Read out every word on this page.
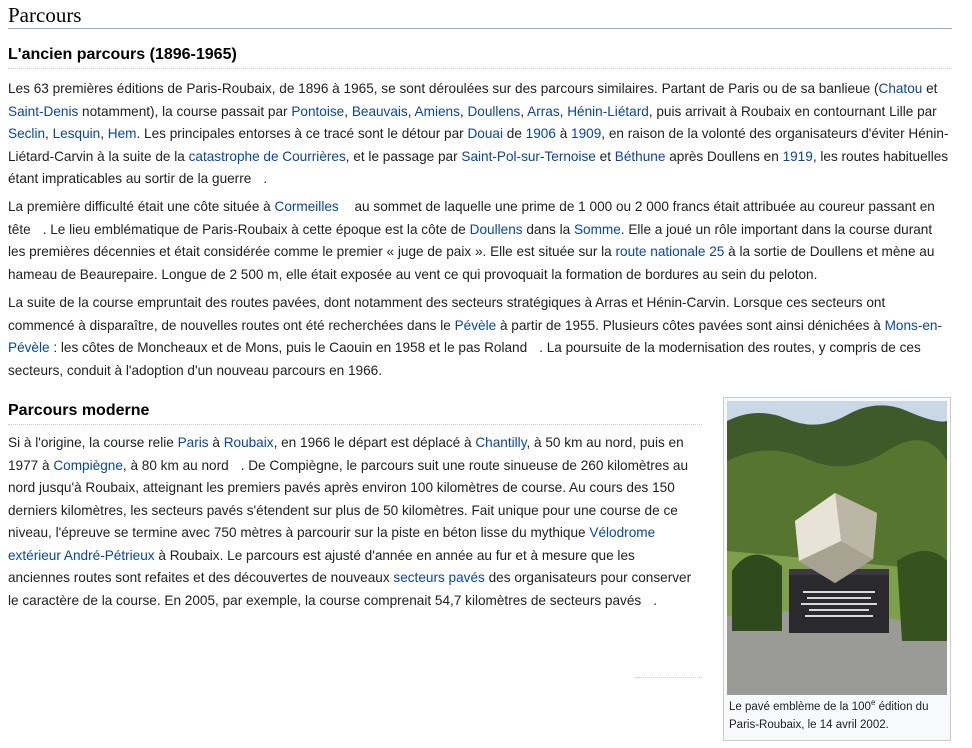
Parcours
L'ancien parcours (1896-1965)

Les 63 premières éditions de Paris-Roubaix, de 1896 à 1965, se sont déroulées sur des parcours similaires. Partant de Paris ou de sa banlieue (Chatou et Saint-Denis notamment), la course passait par Pontoise, Beauvais, Amiens, Doullens, Arras, Hénin-Liétard, puis arrivait à Roubaix en contournant Lille par Seclin, Lesquin, Hem. Les principales entorses à ce tracé sont le détour par Douai de 1906 à 1909, en raison de la volonté des organisateurs d'éviter Hénin-Liétard-Carvin à la suite de la catastrophe de Courrières, et le passage par Saint-Pol-sur-Ternoise et Béthune après Doullens en 1919, les routes habituelles étant impraticables au sortir de la guerre .

La première difficulté était une côte située à Cormeilles au sommet de laquelle une prime de 1 000 ou 2 000 francs était attribuée au coureur passant en tête . Le lieu emblématique de Paris-Roubaix à cette époque est la côte de Doullens dans la Somme. Elle a joué un rôle important dans la course durant les premières décennies et était considérée comme le premier « juge de paix ». Elle est située sur la route nationale 25 à la sortie de Doullens et mène au hameau de Beaurepaire. Longue de 2 500 m, elle était exposée au vent ce qui provoquait la formation de bordures au sein du peloton.

La suite de la course empruntait des routes pavées, dont notamment des secteurs stratégiques à Arras et Hénin-Carvin. Lorsque ces secteurs ont commencé à disparaître, de nouvelles routes ont été recherchées dans le Pévèle à partir de 1955. Plusieurs côtes pavées sont ainsi dénichées à Mons-en-Pévèle : les côtes de Moncheaux et de Mons, puis le Caouin en 1958 et le pas Roland . La poursuite de la modernisation des routes, y compris de ces secteurs, conduit à l'adoption d'un nouveau parcours en 1966.

Parcours moderne

Si à l'origine, la course relie Paris à Roubaix, en 1966 le départ est déplacé à Chantilly, à 50 km au nord, puis en 1977 à Compiègne, à 80 km au nord . De Compiègne, le parcours suit une route sinueuse de 260 kilomètres au nord jusqu'à Roubaix, atteignant les premiers pavés après environ 100 kilomètres de course. Au cours des 150 derniers kilomètres, les secteurs pavés s'étendent sur plus de 50 kilomètres. Fait unique pour une course de ce niveau, l'épreuve se termine avec 750 mètres à parcourir sur la piste en béton lisse du mythique Vélodrome extérieur André-Pétrieux à Roubaix. Le parcours est ajusté d'année en année au fur et à mesure que les anciennes routes sont refaites et des découvertes de nouveaux secteurs pavés des organisateurs pour conserver le caractère de la course. En 2005, par exemple, la course comprenait 54,7 kilomètres de secteurs pavés .

Le pavé emblème de la 100e édition du Paris-Roubaix, le 14 avril 2002.
